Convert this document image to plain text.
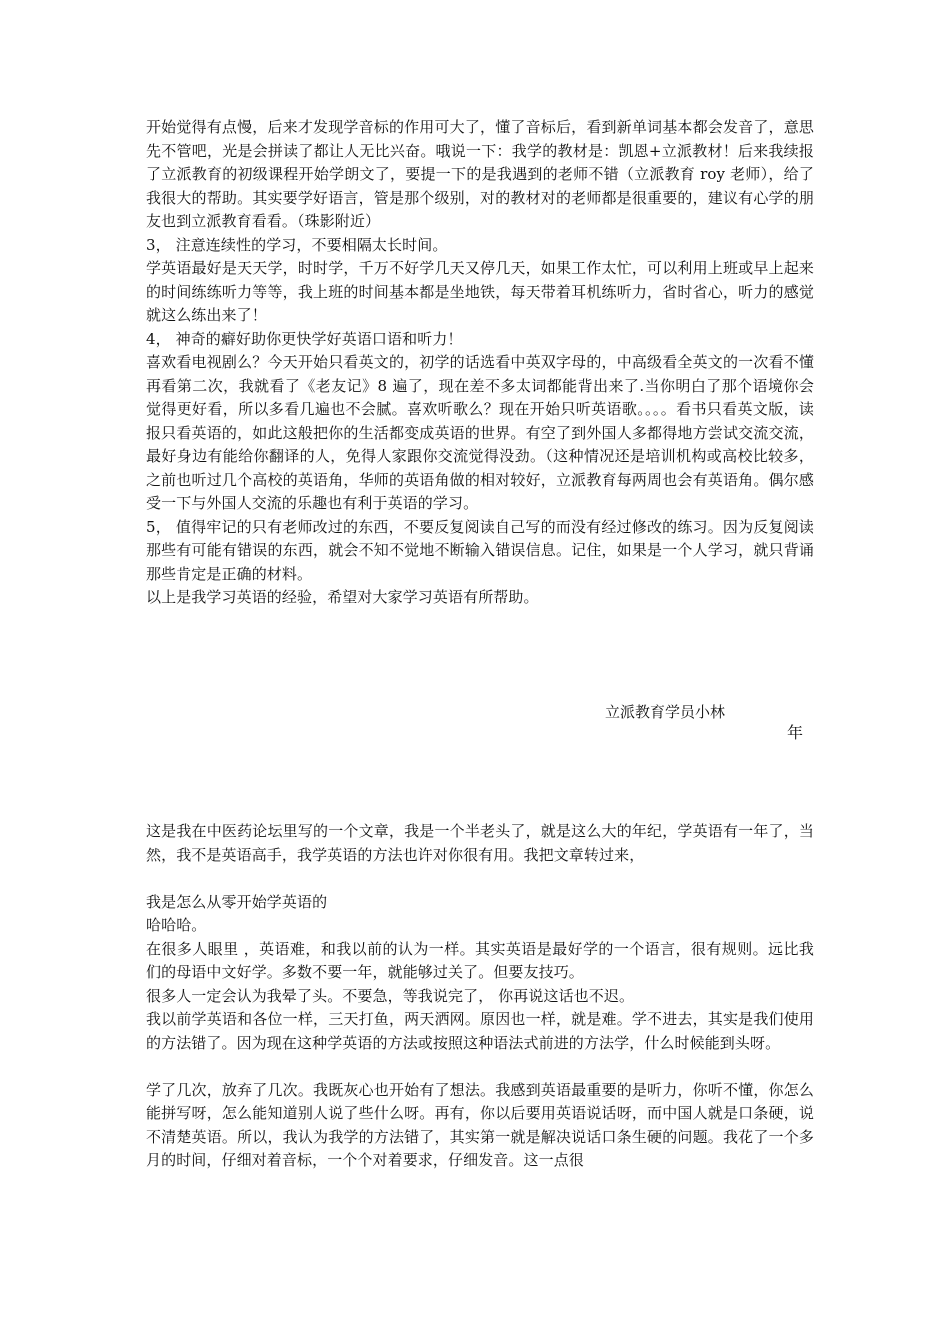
开始觉得有点慢，后来才发现学音标的作用可大了，懂了音标后，看到新单词基本都会发音了，意思先不管吧，光是会拼读了都让人无比兴奋。哦说一下：我学的教材是：凯恩+立派教材！后来我续报了立派教育的初级课程开始学朗文了，要提一下的是我遇到的老师不错（立派教育 roy 老师），给了我很大的帮助。其实要学好语言，管是那个级别，对的教材对的老师都是很重要的，建议有心学的朋友也到立派教育看看。（珠影附近）

3， 注意连续性的学习，不要相隔太长时间。

学英语最好是天天学，时时学，千万不好学几天又停几天，如果工作太忙，可以利用上班或早上起来的时间练练听力等等，我上班的时间基本都是坐地铁，每天带着耳机练听力，省时省心，听力的感觉就这么练出来了！

4， 神奇的癖好助你更快学好英语口语和听力！

喜欢看电视剧么？今天开始只看英文的，初学的话选看中英双字母的，中高级看全英文的一次看不懂再看第二次，我就看了《老友记》8 遍了，现在差不多太词都能背出来了.当你明白了那个语境你会觉得更好看，所以多看几遍也不会腻。喜欢听歌么？现在开始只听英语歌。。。。看书只看英文版，读报只看英语的，如此这般把你的生活都变成英语的世界。有空了到外国人多都得地方尝试交流交流，最好身边有能给你翻译的人，免得人家跟你交流觉得没劲。（这种情况还是培训机构或高校比较多，之前也听过几个高校的英语角，华师的英语角做的相对较好，立派教育每两周也会有英语角。偶尔感受一下与外国人交流的乐趣也有利于英语的学习。

5， 值得牢记的只有老师改过的东西，不要反复阅读自己写的而没有经过修改的练习。因为反复阅读那些有可能有错误的东西，就会不知不觉地不断输入错误信息。记住，如果是一个人学习，就只背诵那些肯定是正确的材料。

以上是我学习英语的经验，希望对大家学习英语有所帮助。

立派教育学员小林
年

这是我在中医药论坛里写的一个文章，我是一个半老头了，就是这么大的年纪，学英语有一年了，当然，我不是英语高手，我学英语的方法也许对你很有用。我把文章转过来，

我是怎么从零开始学英语的

哈哈哈。

在很多人眼里 ，英语难，和我以前的认为一样。其实英语是最好学的一个语言，很有规则。远比我们的母语中文好学。多数不要一年，就能够过关了。但要友技巧。

很多人一定会认为我晕了头。不要急，等我说完了， 你再说这话也不迟。

我以前学英语和各位一样，三天打鱼，两天洒网。原因也一样，就是难。学不进去，其实是我们使用的方法错了。因为现在这种学英语的方法或按照这种语法式前进的方法学，什么时候能到头呀。

学了几次，放弃了几次。我既灰心也开始有了想法。我感到英语最重要的是听力，你听不懂，你怎么能拼写呀，怎么能知道别人说了些什么呀。再有，你以后要用英语说话呀，而中国人就是口条硬，说不清楚英语。所以，我认为我学的方法错了，其实第一就是解决说话口条生硬的问题。我花了一个多月的时间，仔细对着音标，一个个对着要求，仔细发音。这一点很
